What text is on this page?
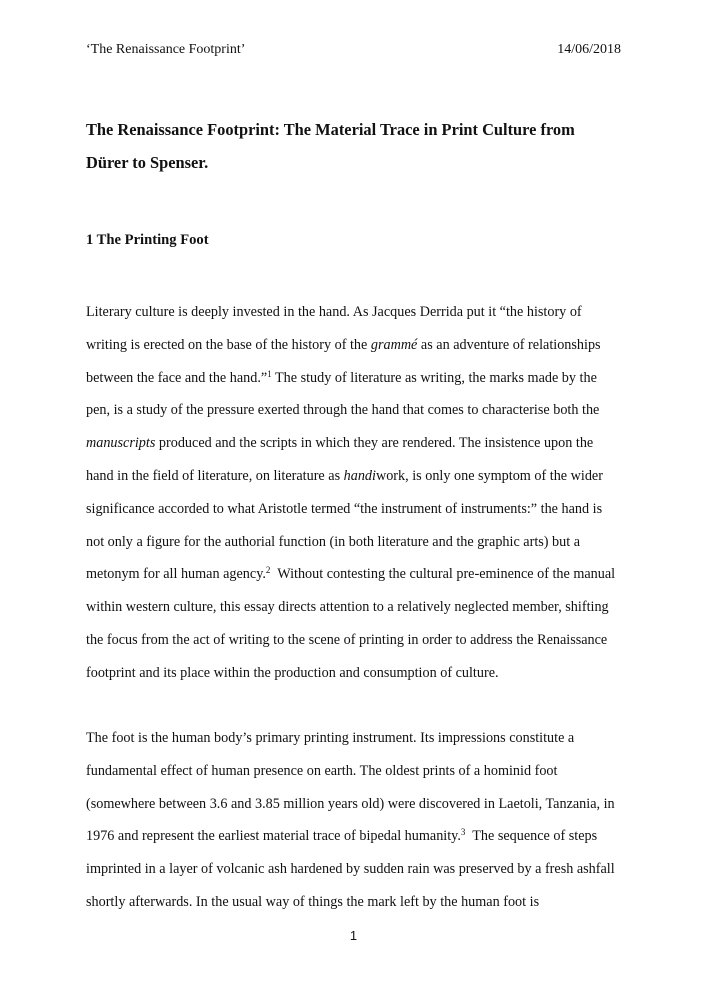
‘The Renaissance Footprint’	14/06/2018
The Renaissance Footprint: The Material Trace in Print Culture from
Dürer to Spenser.
1 The Printing Foot
Literary culture is deeply invested in the hand. As Jacques Derrida put it “the history of
writing is erected on the base of the history of the grammé as an adventure of relationships
between the face and the hand.”$^1$ The study of literature as writing, the marks made by the
pen, is a study of the pressure exerted through the hand that comes to characterise both the
manuscripts produced and the scripts in which they are rendered. The insistence upon the
hand in the field of literature, on literature as handiwork, is only one symptom of the wider
significance accorded to what Aristotle termed “the instrument of instruments:” the hand is
not only a figure for the authorial function (in both literature and the graphic arts) but a
metonym for all human agency.$^2$  Without contesting the cultural pre-eminence of the manual
within western culture, this essay directs attention to a relatively neglected member, shifting
the focus from the act of writing to the scene of printing in order to address the Renaissance
footprint and its place within the production and consumption of culture.
The foot is the human body’s primary printing instrument. Its impressions constitute a
fundamental effect of human presence on earth. The oldest prints of a hominid foot
(somewhere between 3.6 and 3.85 million years old) were discovered in Laetoli, Tanzania, in
1976 and represent the earliest material trace of bipedal humanity.$^3$  The sequence of steps
imprinted in a layer of volcanic ash hardened by sudden rain was preserved by a fresh ashfall
shortly afterwards. In the usual way of things the mark left by the human foot is
1
